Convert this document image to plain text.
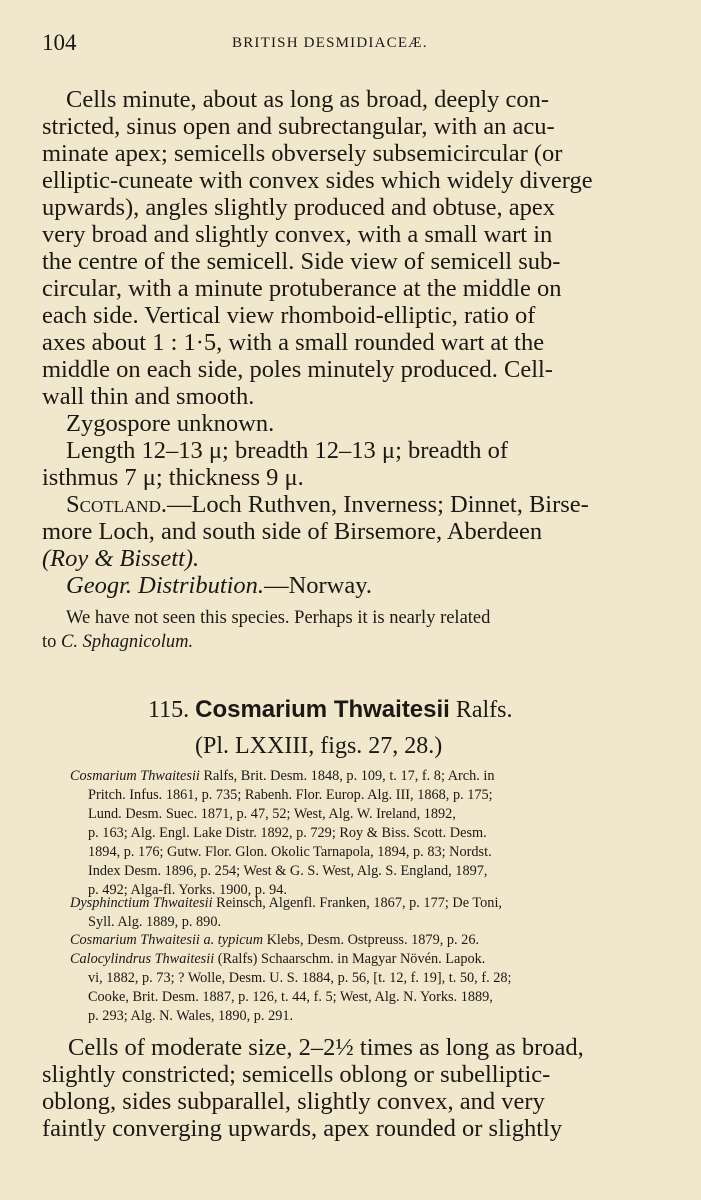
104	BRITISH DESMIDIACEÆ.
Cells minute, about as long as broad, deeply con-
stricted, sinus open and subrectangular, with an acu-
minate apex; semicells obversely subsemicircular (or
elliptic-cuneate with convex sides which widely diverge
upwards), angles slightly produced and obtuse, apex
very broad and slightly convex, with a small wart in
the centre of the semicell. Side view of semicell sub-
circular, with a minute protuberance at the middle on
each side. Vertical view rhomboid-elliptic, ratio of
axes about 1 : 1·5, with a small rounded wart at the
middle on each side, poles minutely produced. Cell-
wall thin and smooth.
Zygospore unknown.
Length 12–13 μ; breadth 12–13 μ; breadth of
isthmus 7 μ; thickness 9 μ.
Scotland.—Loch Ruthven, Inverness; Dinnet, Birse-
more Loch, and south side of Birsemore, Aberdeen
(Roy & Bissett).
Geogr. Distribution.—Norway.
We have not seen this species. Perhaps it is nearly related
to C. Sphagnicolum.
115. Cosmarium Thwaitesii Ralfs.
(Pl. LXXIII, figs. 27, 28.)
Cosmarium Thwaitesii Ralfs, Brit. Desm. 1848, p. 109, t. 17, f. 8; Arch. in
Pritch. Infus. 1861, p. 735; Rabenh. Flor. Europ. Alg. III, 1868, p. 175;
Lund. Desm. Suec. 1871, p. 47, 52; West, Alg. W. Ireland, 1892,
p. 163; Alg. Engl. Lake Distr. 1892, p. 729; Roy & Biss. Scott. Desm.
1894, p. 176; Gutw. Flor. Glon. Okolic Tarnapola, 1894, p. 83; Nordst.
Index Desm. 1896, p. 254; West & G. S. West, Alg. S. England, 1897,
p. 492; Alga-fl. Yorks. 1900, p. 94.
Dysphinctium Thwaitesii Reinsch, Algenfl. Franken, 1867, p. 177; De Toni,
Syll. Alg. 1889, p. 890.
Cosmarium Thwaitesii a. typicum Klebs, Desm. Ostpreuss. 1879, p. 26.
Calocylindrus Thwaitesii (Ralfs) Schaarschm. in Magyar Növén. Lapok.
vi, 1882, p. 73; ? Wolle, Desm. U. S. 1884, p. 56, [t. 12, f. 19], t. 50, f. 28;
Cooke, Brit. Desm. 1887, p. 126, t. 44, f. 5; West, Alg. N. Yorks. 1889,
p. 293; Alg. N. Wales, 1890, p. 291.
Cells of moderate size, 2–2½ times as long as broad,
slightly constricted; semicells oblong or subelliptic-
oblong, sides subparallel, slightly convex, and very
faintly converging upwards, apex rounded or slightly
